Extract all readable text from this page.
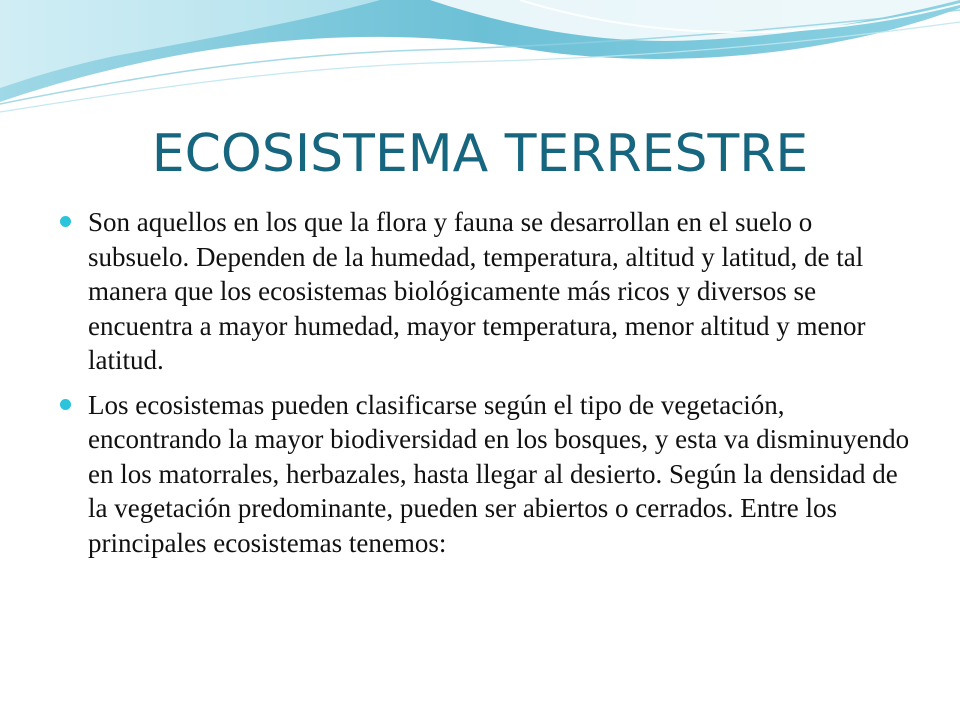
ECOSISTEMA TERRESTRE
Son aquellos en los que la flora y fauna se desarrollan en el suelo o subsuelo. Dependen de la humedad, temperatura, altitud y latitud, de tal manera que los ecosistemas biológicamente más ricos y diversos se encuentra a mayor humedad, mayor temperatura, menor altitud y menor latitud.
Los ecosistemas pueden clasificarse según el tipo de vegetación, encontrando la mayor biodiversidad en los bosques, y esta va disminuyendo en los matorrales, herbazales, hasta llegar al desierto. Según la densidad de la vegetación predominante, pueden ser abiertos o cerrados. Entre los principales ecosistemas tenemos:
